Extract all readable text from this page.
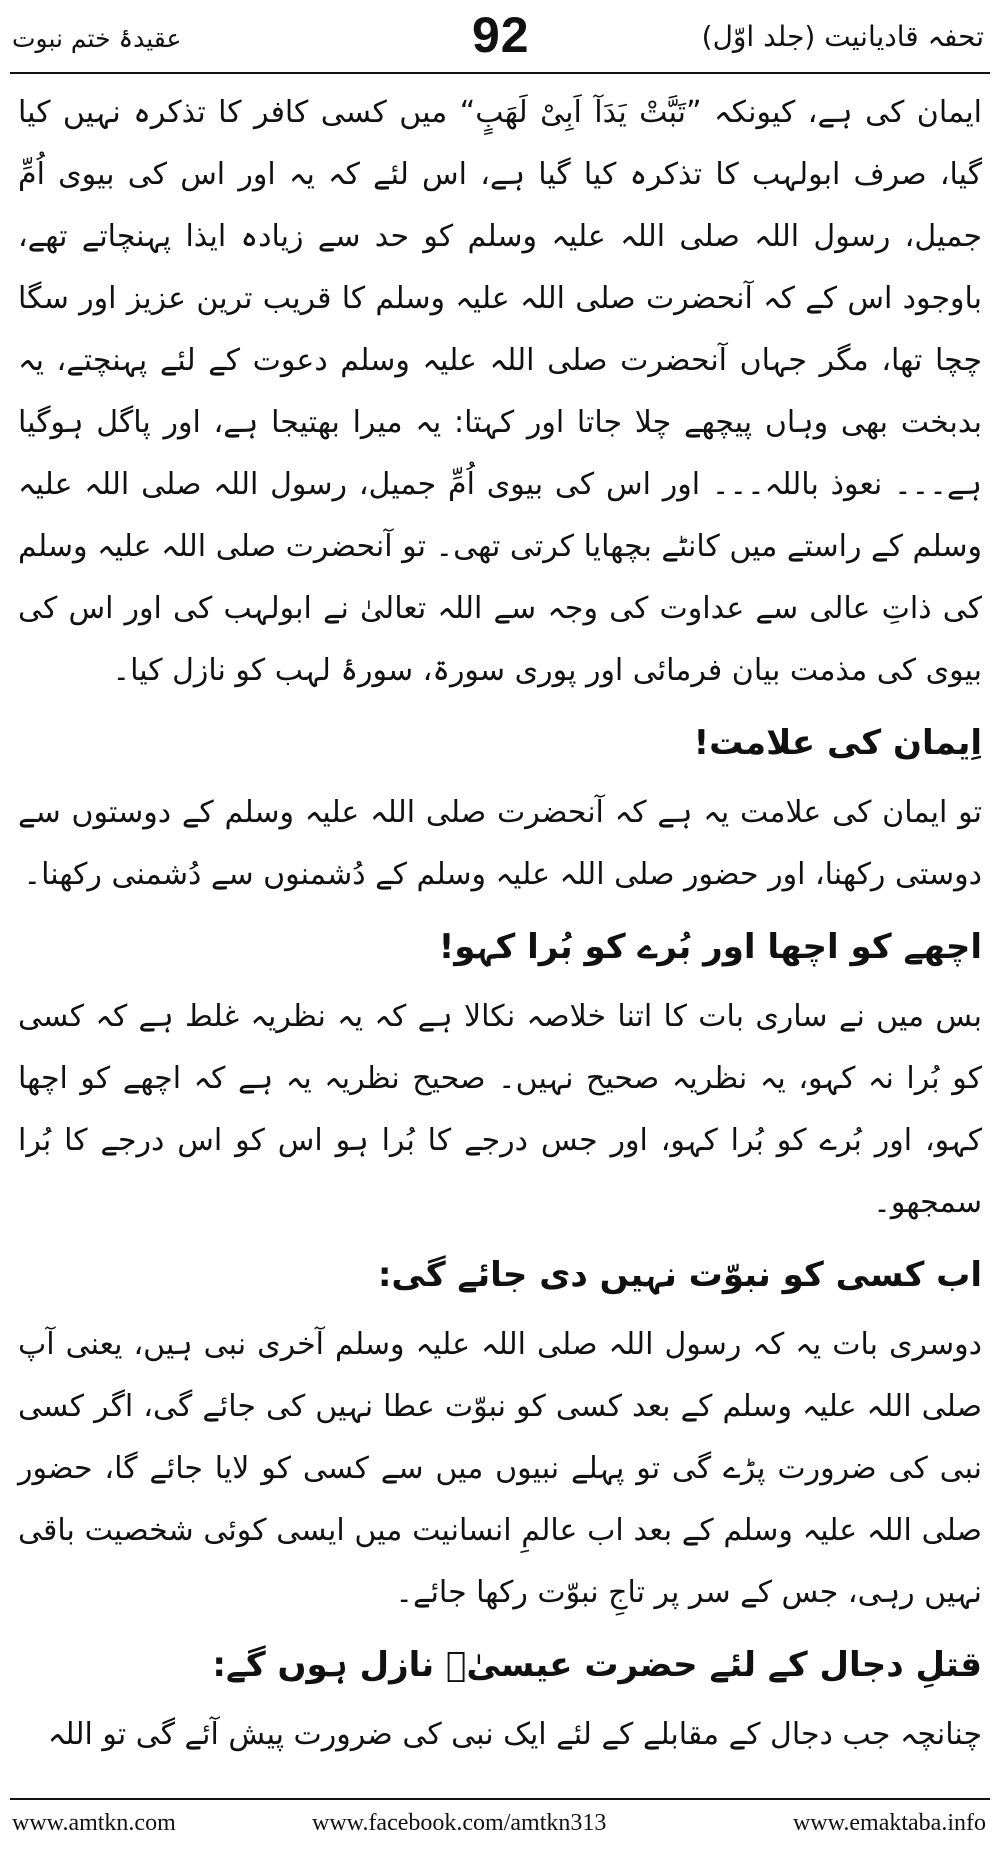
تحفہ قادیانیت (جلد اوّل)
92
عقیدۂ ختم نبوت

ایمان کی ہے، کیونکہ ”تَبَّتْ یَدَآ اَبِیْ لَھَبٍ“ میں کسی کافر کا تذکرہ نہیں کیا گیا، صرف ابولہب کا تذکرہ کیا گیا ہے، اس لئے کہ یہ اور اس کی بیوی اُمِّ جمیل، رسول اللہ صلی اللہ علیہ وسلم کو حد سے زیادہ ایذا پہنچاتے تھے، باوجود اس کے کہ آنحضرت صلی اللہ علیہ وسلم کا قریب ترین عزیز اور سگا چچا تھا، مگر جہاں آنحضرت صلی اللہ علیہ وسلم دعوت کے لئے پہنچتے، یہ بدبخت بھی وہاں پیچھے چلا جاتا اور کہتا: یہ میرا بھتیجا ہے، اور پاگل ہوگیا ہے۔۔۔ نعوذ باللہ۔۔۔ اور اس کی بیوی اُمِّ جمیل، رسول اللہ صلی اللہ علیہ وسلم کے راستے میں کانٹے بچھایا کرتی تھی۔ تو آنحضرت صلی اللہ علیہ وسلم کی ذاتِ عالی سے عداوت کی وجہ سے اللہ تعالیٰ نے ابولہب کی اور اس کی بیوی کی مذمت بیان فرمائی اور پوری سورۃ، سورۂ لہب کو نازل کیا۔

اِیمان کی علامت!

تو ایمان کی علامت یہ ہے کہ آنحضرت صلی اللہ علیہ وسلم کے دوستوں سے دوستی رکھنا، اور حضور صلی اللہ علیہ وسلم کے دُشمنوں سے دُشمنی رکھنا۔

اچھے کو اچھا اور بُرے کو بُرا کہو!

بس میں نے ساری بات کا اتنا خلاصہ نکالا ہے کہ یہ نظریہ غلط ہے کہ کسی کو بُرا نہ کہو، یہ نظریہ صحیح نہیں۔ صحیح نظریہ یہ ہے کہ اچھے کو اچھا کہو، اور بُرے کو بُرا کہو، اور جس درجے کا بُرا ہو اس کو اس درجے کا بُرا سمجھو۔

اب کسی کو نبوّت نہیں دی جائے گی:

دوسری بات یہ کہ رسول اللہ صلی اللہ علیہ وسلم آخری نبی ہیں، یعنی آپ صلی اللہ علیہ وسلم کے بعد کسی کو نبوّت عطا نہیں کی جائے گی، اگر کسی نبی کی ضرورت پڑے گی تو پہلے نبیوں میں سے کسی کو لایا جائے گا، حضور صلی اللہ علیہ وسلم کے بعد اب عالمِ انسانیت میں ایسی کوئی شخصیت باقی نہیں رہی، جس کے سر پر تاجِ نبوّت رکھا جائے۔

قتلِ دجال کے لئے حضرت عیسیٰؑ نازل ہوں گے:

چنانچہ جب دجال کے مقابلے کے لئے ایک نبی کی ضرورت پیش آئے گی تو اللہ

www.amtkn.com	www.facebook.com/amtkn313	www.emaktaba.info
